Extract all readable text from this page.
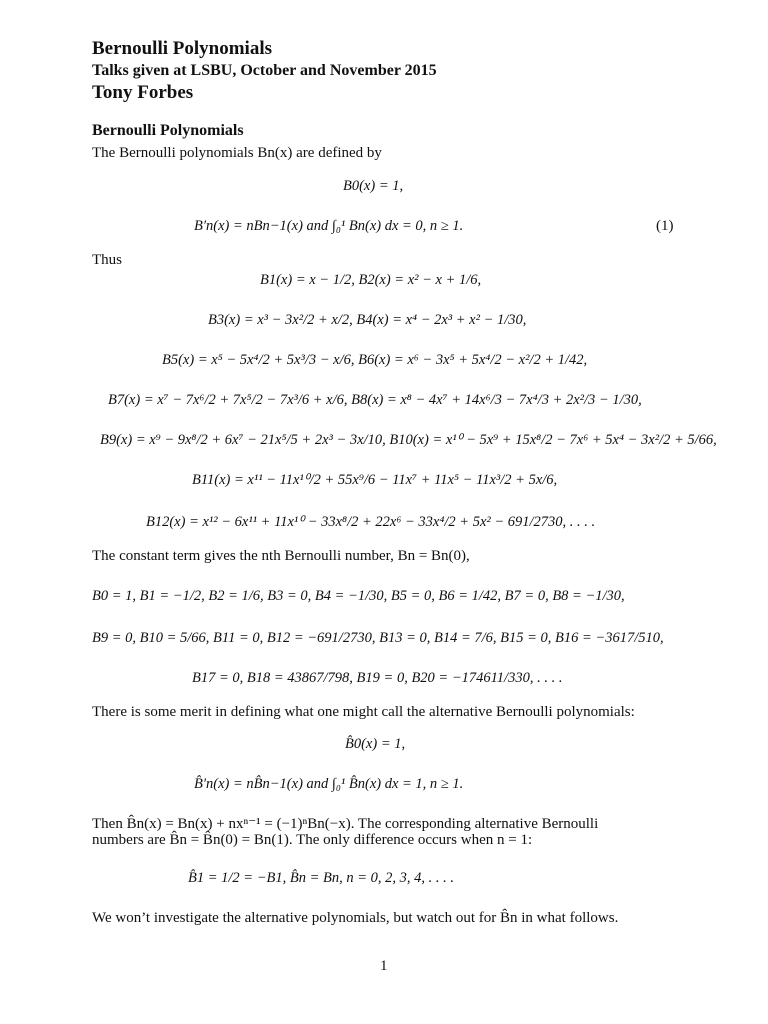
Bernoulli Polynomials
Talks given at LSBU, October and November 2015
Tony Forbes
Bernoulli Polynomials
The Bernoulli polynomials Bn(x) are defined by
B0(x) = 1,
B′n(x) = nBn−1(x) and ∫₀¹ Bn(x) dx = 0, n ≥ 1.	(1)
Thus
B1(x) = x − 1/2, B2(x) = x² − x + 1/6,
B3(x) = x³ − 3x²/2 + x/2, B4(x) = x⁴ − 2x³ + x² − 1/30,
B5(x) = x⁵ − 5x⁴/2 + 5x³/3 − x/6, B6(x) = x⁶ − 3x⁵ + 5x⁴/2 − x²/2 + 1/42,
B7(x) = x⁷ − 7x⁶/2 + 7x⁵/2 − 7x³/6 + x/6, B8(x) = x⁸ − 4x⁷ + 14x⁶/3 − 7x⁴/3 + 2x²/3 − 1/30,
B9(x) = x⁹ − 9x⁸/2 + 6x⁷ − 21x⁵/5 + 2x³ − 3x/10, B10(x) = x¹⁰ − 5x⁹ + 15x⁸/2 − 7x⁶ + 5x⁴ − 3x²/2 + 5/66,
B11(x) = x¹¹ − 11x¹⁰/2 + 55x⁹/6 − 11x⁷ + 11x⁵ − 11x³/2 + 5x/6,
B12(x) = x¹² − 6x¹¹ + 11x¹⁰ − 33x⁸/2 + 22x⁶ − 33x⁴/2 + 5x² − 691/2730, . . . .
The constant term gives the nth Bernoulli number, Bn = Bn(0),
B0 = 1, B1 = −1/2, B2 = 1/6, B3 = 0, B4 = −1/30, B5 = 0, B6 = 1/42, B7 = 0, B8 = −1/30,
B9 = 0, B10 = 5/66, B11 = 0, B12 = −691/2730, B13 = 0, B14 = 7/6, B15 = 0, B16 = −3617/510,
B17 = 0, B18 = 43867/798, B19 = 0, B20 = −174611/330, . . . .
There is some merit in defining what one might call the alternative Bernoulli polynomials:
B̂0(x) = 1,
B̂′n(x) = nB̂n−1(x) and ∫₀¹ B̂n(x) dx = 1, n ≥ 1.
Then B̂n(x) = Bn(x) + nxⁿ⁻¹ = (−1)ⁿBn(−x). The corresponding alternative Bernoulli
numbers are B̂n = B̂n(0) = Bn(1). The only difference occurs when n = 1:
B̂1 = 1/2 = −B1, B̂n = Bn, n = 0, 2, 3, 4, . . . .
We won’t investigate the alternative polynomials, but watch out for B̂n in what follows.
1
